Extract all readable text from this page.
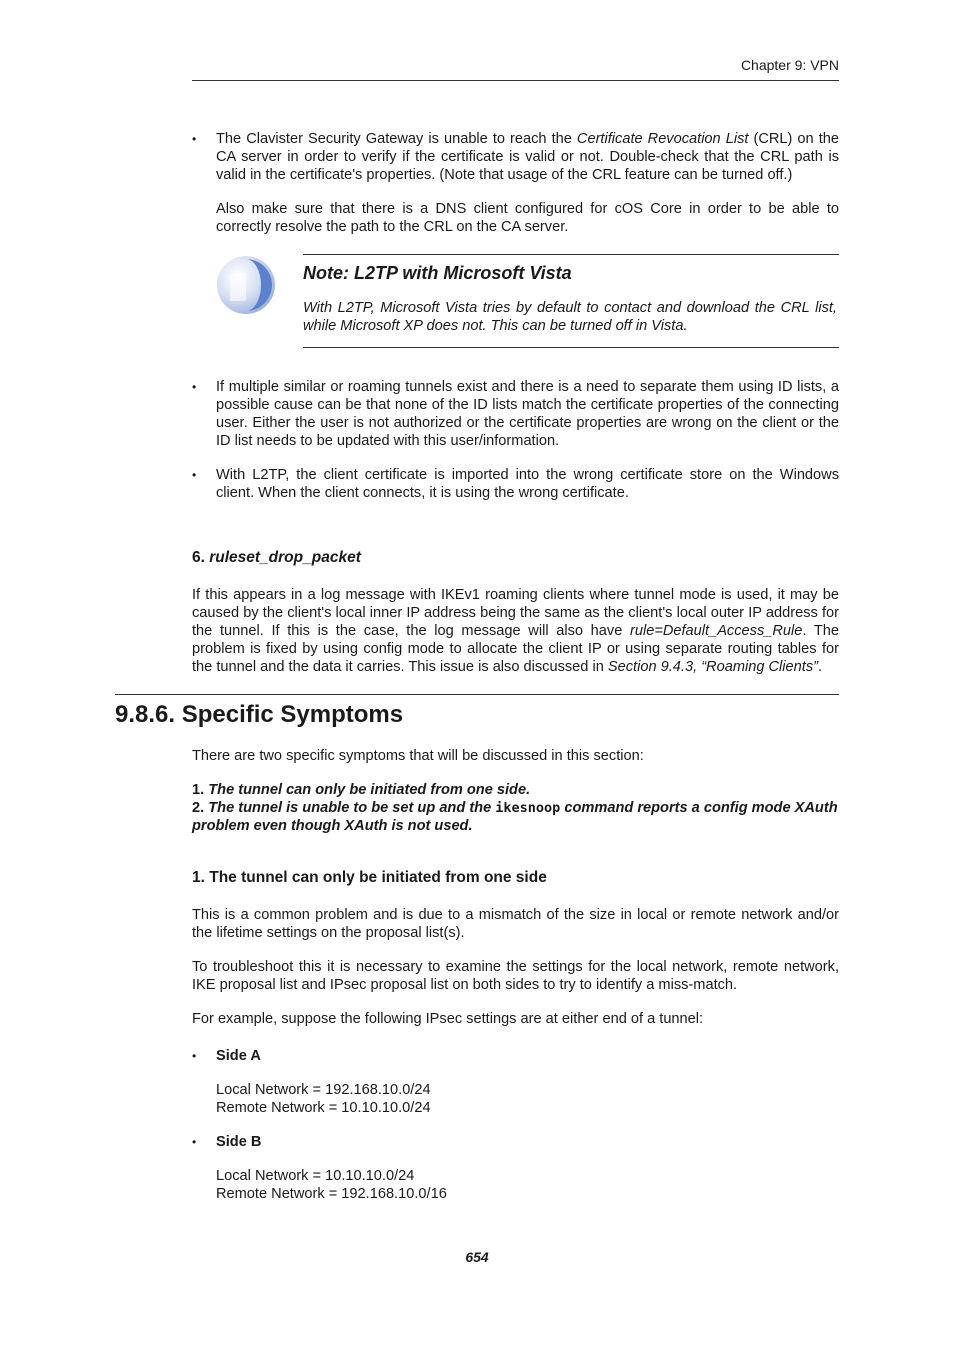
Chapter 9: VPN
• The Clavister Security Gateway is unable to reach the Certificate Revocation List (CRL) on the CA server in order to verify if the certificate is valid or not. Double-check that the CRL path is valid in the certificate's properties. (Note that usage of the CRL feature can be turned off.)
Also make sure that there is a DNS client configured for cOS Core in order to be able to correctly resolve the path to the CRL on the CA server.
Note: L2TP with Microsoft Vista
With L2TP, Microsoft Vista tries by default to contact and download the CRL list, while Microsoft XP does not. This can be turned off in Vista.
• If multiple similar or roaming tunnels exist and there is a need to separate them using ID lists, a possible cause can be that none of the ID lists match the certificate properties of the connecting user. Either the user is not authorized or the certificate properties are wrong on the client or the ID list needs to be updated with this user/information.
• With L2TP, the client certificate is imported into the wrong certificate store on the Windows client. When the client connects, it is using the wrong certificate.
6. ruleset_drop_packet
If this appears in a log message with IKEv1 roaming clients where tunnel mode is used, it may be caused by the client's local inner IP address being the same as the client's local outer IP address for the tunnel. If this is the case, the log message will also have rule=Default_Access_Rule. The problem is fixed by using config mode to allocate the client IP or using separate routing tables for the tunnel and the data it carries. This issue is also discussed in Section 9.4.3, “Roaming Clients”.
9.8.6. Specific Symptoms
There are two specific symptoms that will be discussed in this section:
1. The tunnel can only be initiated from one side.
2. The tunnel is unable to be set up and the ikesnoop command reports a config mode XAuth problem even though XAuth is not used.
1. The tunnel can only be initiated from one side
This is a common problem and is due to a mismatch of the size in local or remote network and/or the lifetime settings on the proposal list(s).
To troubleshoot this it is necessary to examine the settings for the local network, remote network, IKE proposal list and IPsec proposal list on both sides to try to identify a miss-match.
For example, suppose the following IPsec settings are at either end of a tunnel:
• Side A
Local Network = 192.168.10.0/24
Remote Network = 10.10.10.0/24
• Side B
Local Network = 10.10.10.0/24
Remote Network = 192.168.10.0/16
654
